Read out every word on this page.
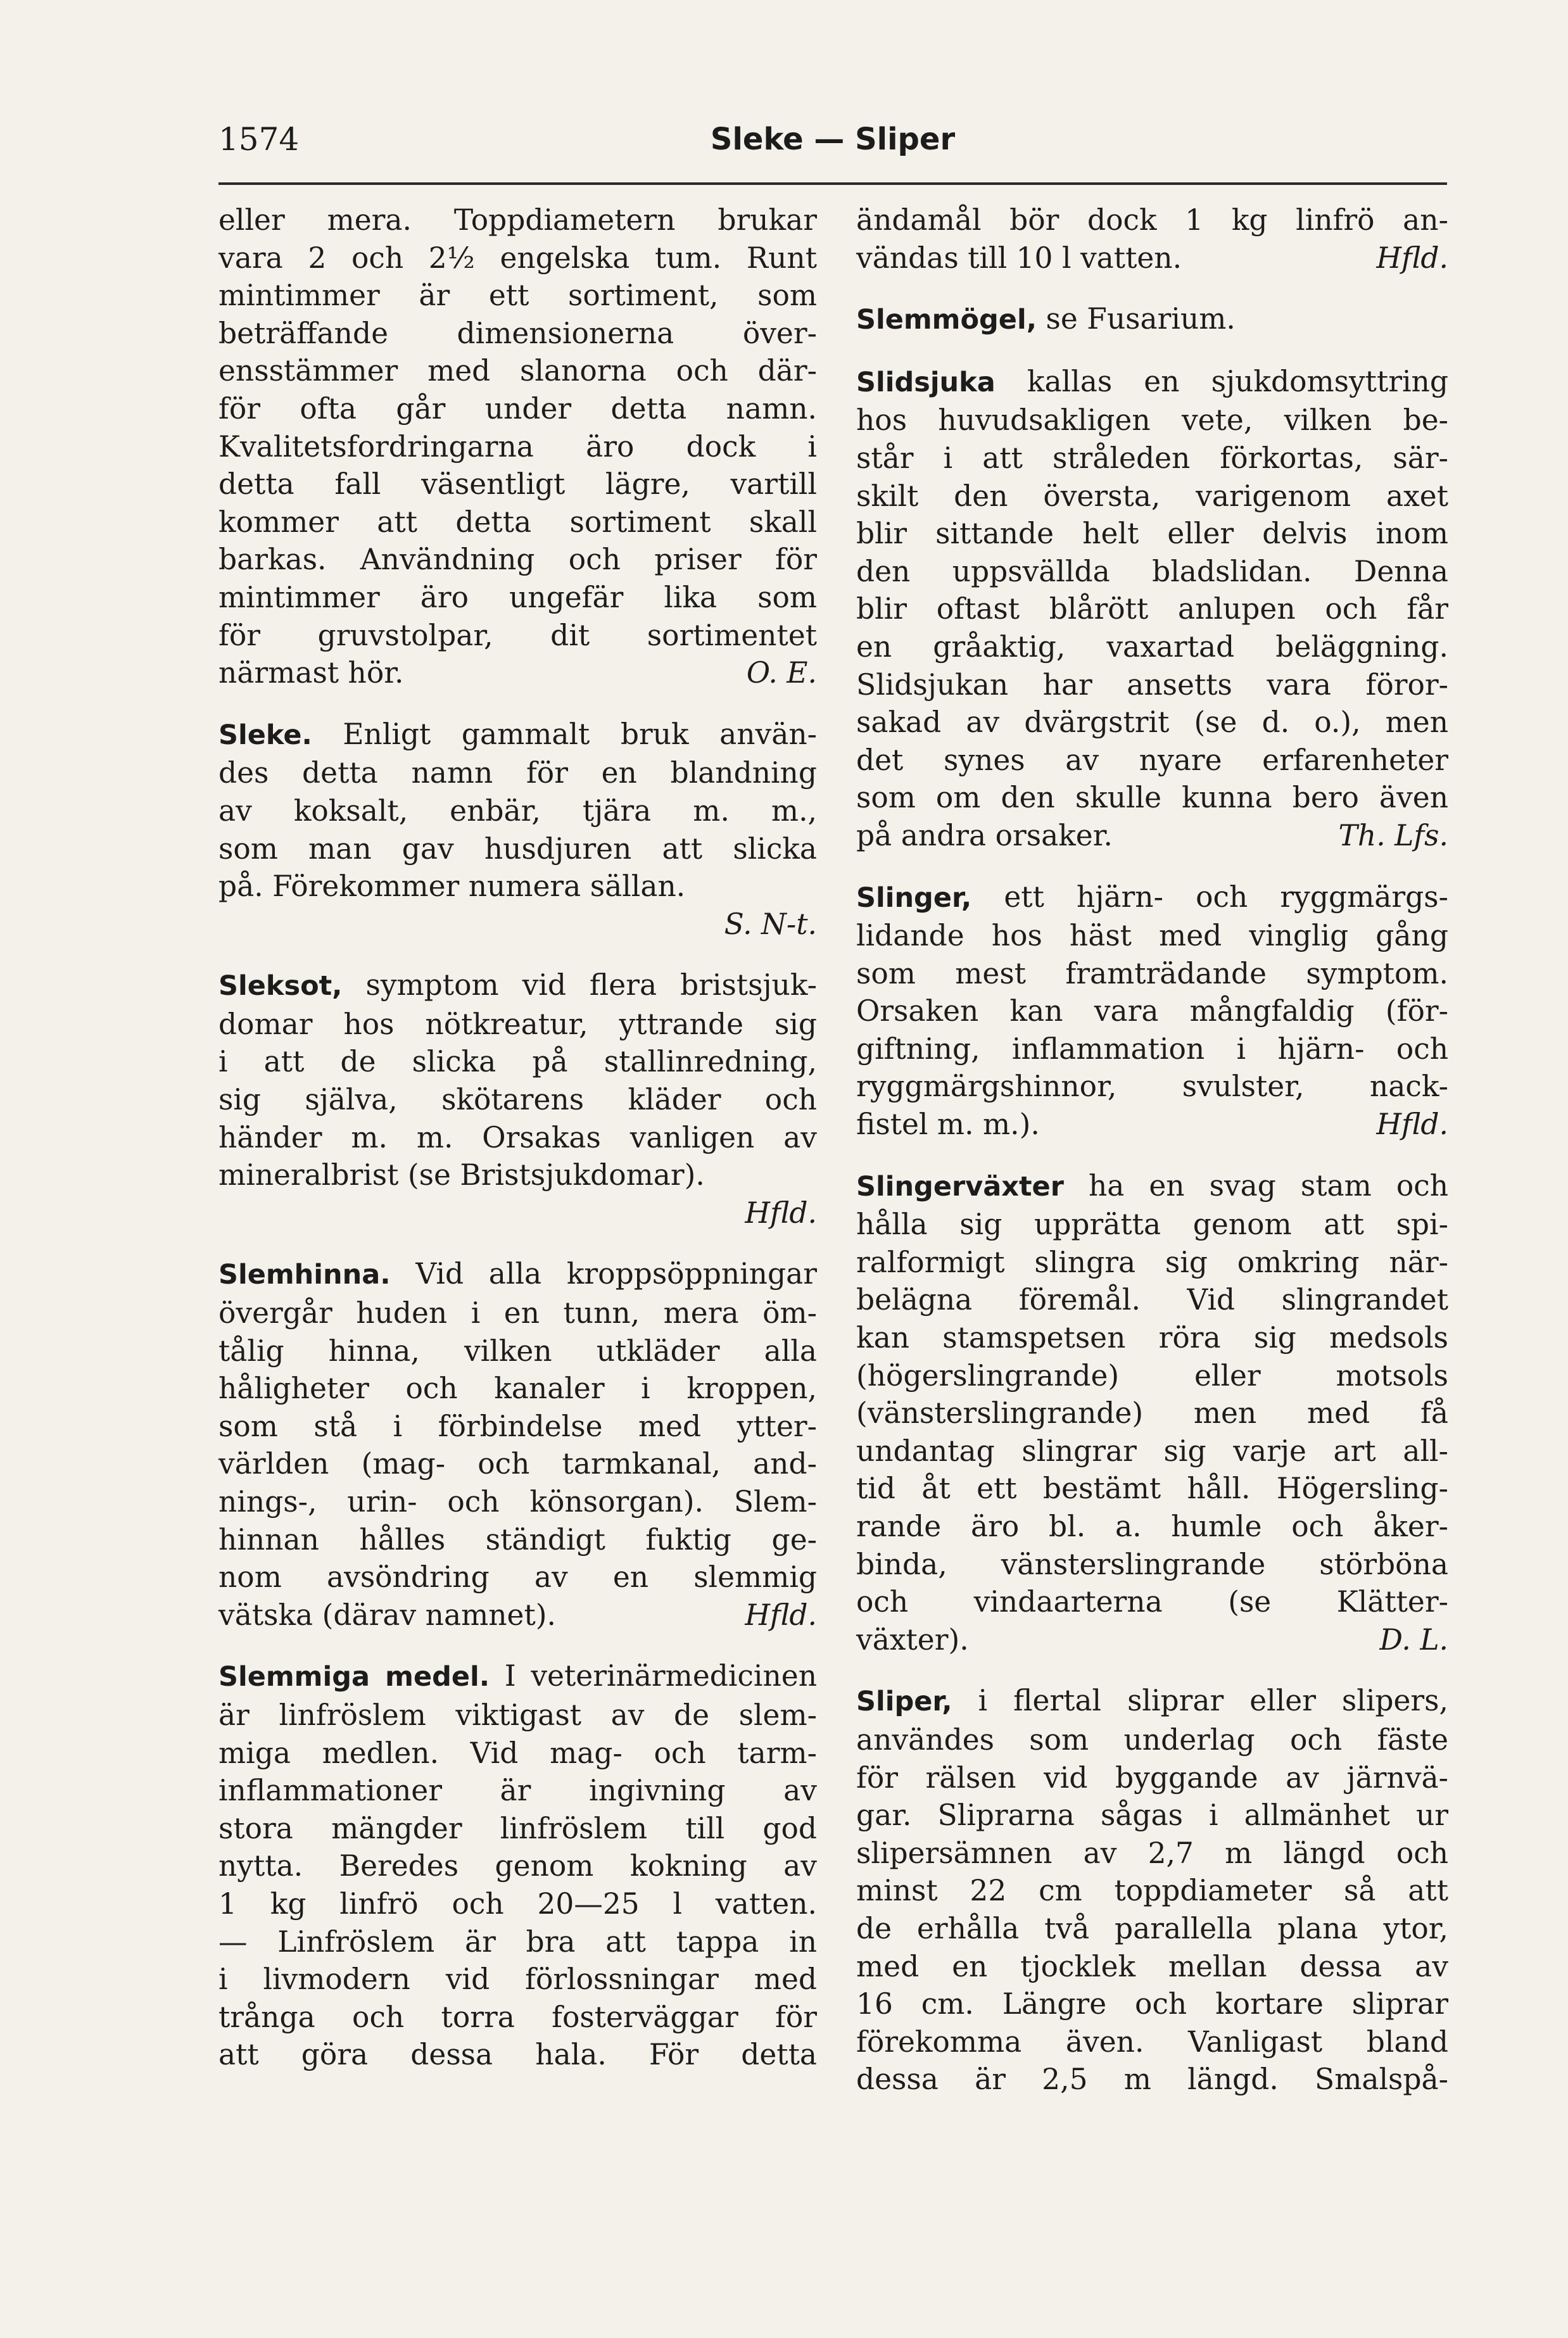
1574	Sleke — Sliper
eller mera. Toppdiametern brukar
vara 2 och 2½ engelska tum. Runt
mintimmer är ett sortiment, som
beträffande dimensionerna över-
ensstämmer med slanorna och där-
för ofta går under detta namn.
Kvalitetsfordringarna äro dock i
detta fall väsentligt lägre, vartill
kommer att detta sortiment skall
barkas. Användning och priser för
mintimmer äro ungefär lika som
för gruvstolpar, dit sortimentet
närmast hör.	O. E.
Sleke. Enligt gammalt bruk använ-
des detta namn för en blandning
av koksalt, enbär, tjära m. m.,
som man gav husdjuren att slicka
på. Förekommer numera sällan.
S. N-t.
Sleksot, symptom vid flera bristsjuk-
domar hos nötkreatur, yttrande sig
i att de slicka på stallinredning,
sig själva, skötarens kläder och
händer m. m. Orsakas vanligen av
mineralbrist (se Bristsjukdomar).
Hfld.
Slemhinna. Vid alla kroppsöppningar
övergår huden i en tunn, mera öm-
tålig hinna, vilken utkläder alla
håligheter och kanaler i kroppen,
som stå i förbindelse med ytter-
världen (mag- och tarmkanal, and-
nings-, urin- och könsorgan). Slem-
hinnan hålles ständigt fuktig ge-
nom avsöndring av en slemmig
vätska (därav namnet).	Hfld.
Slemmiga medel. I veterinärmedicinen
är linfröslem viktigast av de slem-
miga medlen. Vid mag- och tarm-
inflammationer är ingivning av
stora mängder linfröslem till god
nytta. Beredes genom kokning av
1 kg linfrö och 20—25 l vatten.
— Linfröslem är bra att tappa in
i livmodern vid förlossningar med
trånga och torra fosterväggar för
att göra dessa hala. För detta
ändamål bör dock 1 kg linfrö an-
vändas till 10 l vatten.	Hfld.
Slemmögel, se Fusarium.
Slidsjuka kallas en sjukdomsyttring
hos huvudsakligen vete, vilken be-
står i att stråleden förkortas, sär-
skilt den översta, varigenom axet
blir sittande helt eller delvis inom
den uppsvällda bladslidan. Denna
blir oftast blårött anlupen och får
en gråaktig, vaxartad beläggning.
Slidsjukan har ansetts vara föror-
sakad av dvärgstrit (se d. o.), men
det synes av nyare erfarenheter
som om den skulle kunna bero även
på andra orsaker.	Th. Lfs.
Slinger, ett hjärn- och ryggmärgs-
lidande hos häst med vinglig gång
som mest framträdande symptom.
Orsaken kan vara mångfaldig (för-
giftning, inflammation i hjärn- och
ryggmärgshinnor, svulster, nack-
fistel m. m.).	Hfld.
Slingerväxter ha en svag stam och
hålla sig upprätta genom att spi-
ralformigt slingra sig omkring när-
belägna föremål. Vid slingrandet
kan stamspetsen röra sig medsols
(högerslingrande) eller motsols
(vänsterslingrande) men med få
undantag slingrar sig varje art all-
tid åt ett bestämt håll. Högersling-
rande äro bl. a. humle och åker-
binda, vänsterslingrande störböna
och vindaarterna (se Klätter-
växter).	D. L.
Sliper, i flertal sliprar eller slipers,
användes som underlag och fäste
för rälsen vid byggande av järnvä-
gar. Sliprarna sågas i allmänhet ur
slipersämnen av 2,7 m längd och
minst 22 cm toppdiameter så att
de erhålla två parallella plana ytor,
med en tjocklek mellan dessa av
16 cm. Längre och kortare sliprar
förekomma även. Vanligast bland
dessa är 2,5 m längd. Smalspå-
